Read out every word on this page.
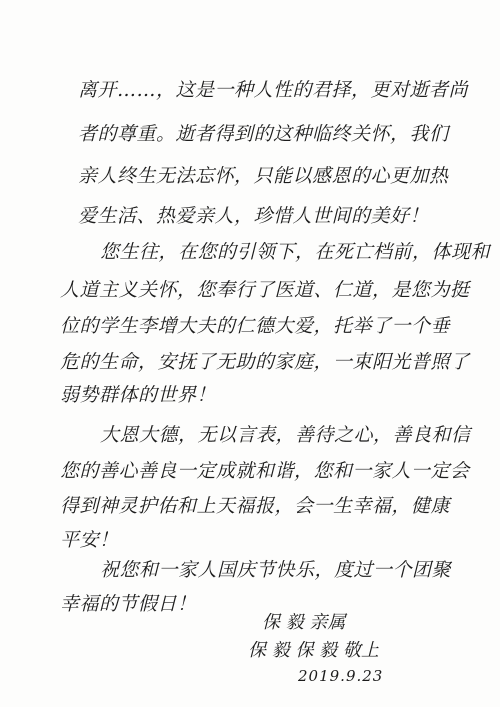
离开……，这是一种人性的君择，更对逝者尚
者的尊重。逝者得到的这种临终关怀，我们
亲人终生无法忘怀，只能以感恩的心更加热
爱生活、热爱亲人，珍惜人世间的美好！
您生往，在您的引领下，在死亡档前，体现和
人道主义关怀，您奉行了医道、仁道，是您为挺
位的学生李增大夫的仁德大爱，托举了一个垂
危的生命，安抚了无助的家庭，一束阳光普照了
弱势群体的世界！
大恩大德，无以言表，善待之心，善良和信
您的善心善良一定成就和谐，您和一家人一定会
得到神灵护佑和上天福报，会一生幸福，健康
平安！
祝您和一家人国庆节快乐，度过一个团聚
幸福的节假日！
保 毅 亲属
保 毅 保 毅 敬上
2019.9.23
